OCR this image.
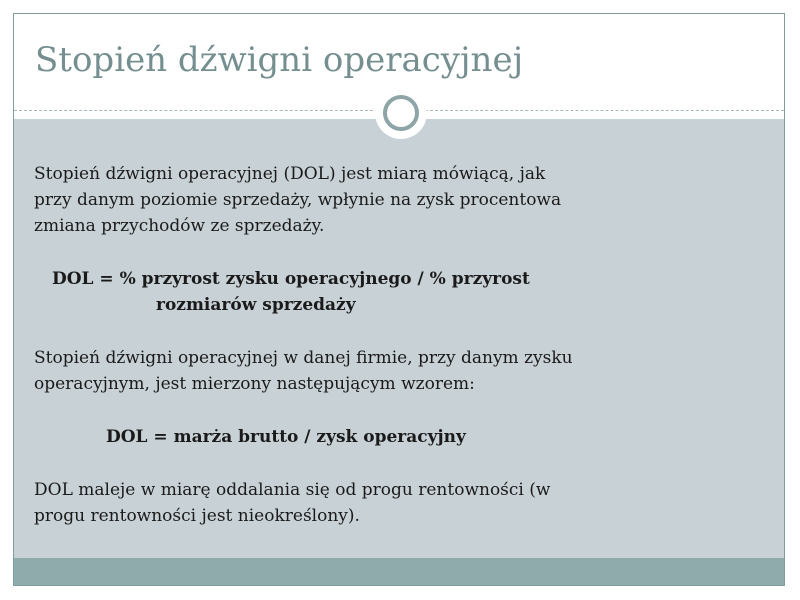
Stopień dźwigni operacyjnej

Stopień dźwigni operacyjnej (DOL) jest miarą mówiącą, jak

przy danym poziomie sprzedaży, wpłynie na zysk procentowa

zmiana przychodów ze sprzedaży.

DOL = % przyrost zysku operacyjnego / % przyrost

rozmiarów sprzedaży

Stopień dźwigni operacyjnej w danej firmie, przy danym zysku

operacyjnym, jest mierzony następującym wzorem:

DOL = marża brutto / zysk operacyjny

DOL maleje w miarę oddalania się od progu rentowności (w

progu rentowności jest nieokreślony).
